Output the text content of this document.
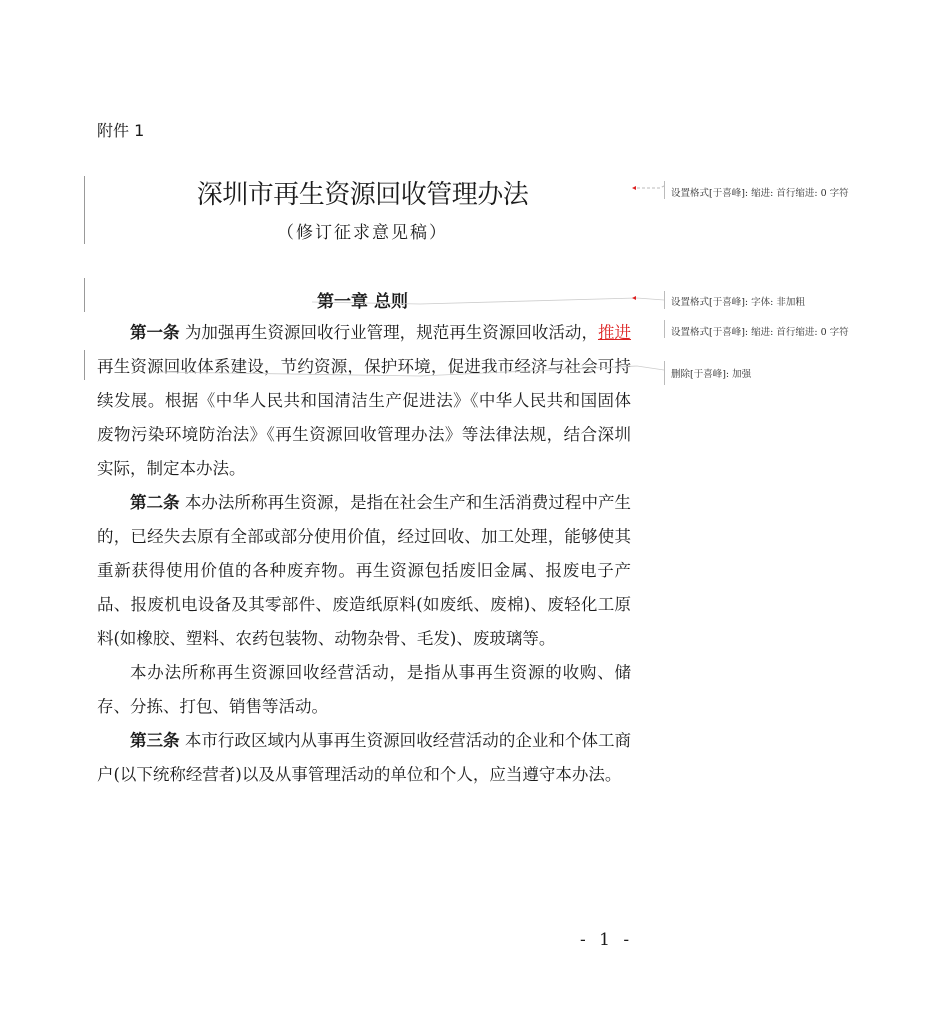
附件 1
深圳市再生资源回收管理办法
（修订征求意见稿）
第一章 总则

第一条 为加强再生资源回收行业管理，规范再生资源回收活动，推进再生资源回收体系建设，节约资源，保护环境，促进我市经济与社会可持续发展。根据《中华人民共和国清洁生产促进法》《中华人民共和国固体废物污染环境防治法》《再生资源回收管理办法》等法律法规，结合深圳实际，制定本办法。

第二条 本办法所称再生资源，是指在社会生产和生活消费过程中产生的，已经失去原有全部或部分使用价值，经过回收、加工处理，能够使其重新获得使用价值的各种废弃物。再生资源包括废旧金属、报废电子产品、报废机电设备及其零部件、废造纸原料(如废纸、废棉)、废轻化工原料(如橡胶、塑料、农药包装物、动物杂骨、毛发)、废玻璃等。

本办法所称再生资源回收经营活动，是指从事再生资源的收购、储存、分拣、打包、销售等活动。

第三条 本市行政区域内从事再生资源回收经营活动的企业和个体工商户(以下统称经营者)以及从事管理活动的单位和个人，应当遵守本办法。

- 1 -
设置格式[于喜峰]: 缩进: 首行缩进: 0 字符
设置格式[于喜峰]: 字体: 非加粗
设置格式[于喜峰]: 缩进: 首行缩进: 0 字符
删除[于喜峰]: 加强
